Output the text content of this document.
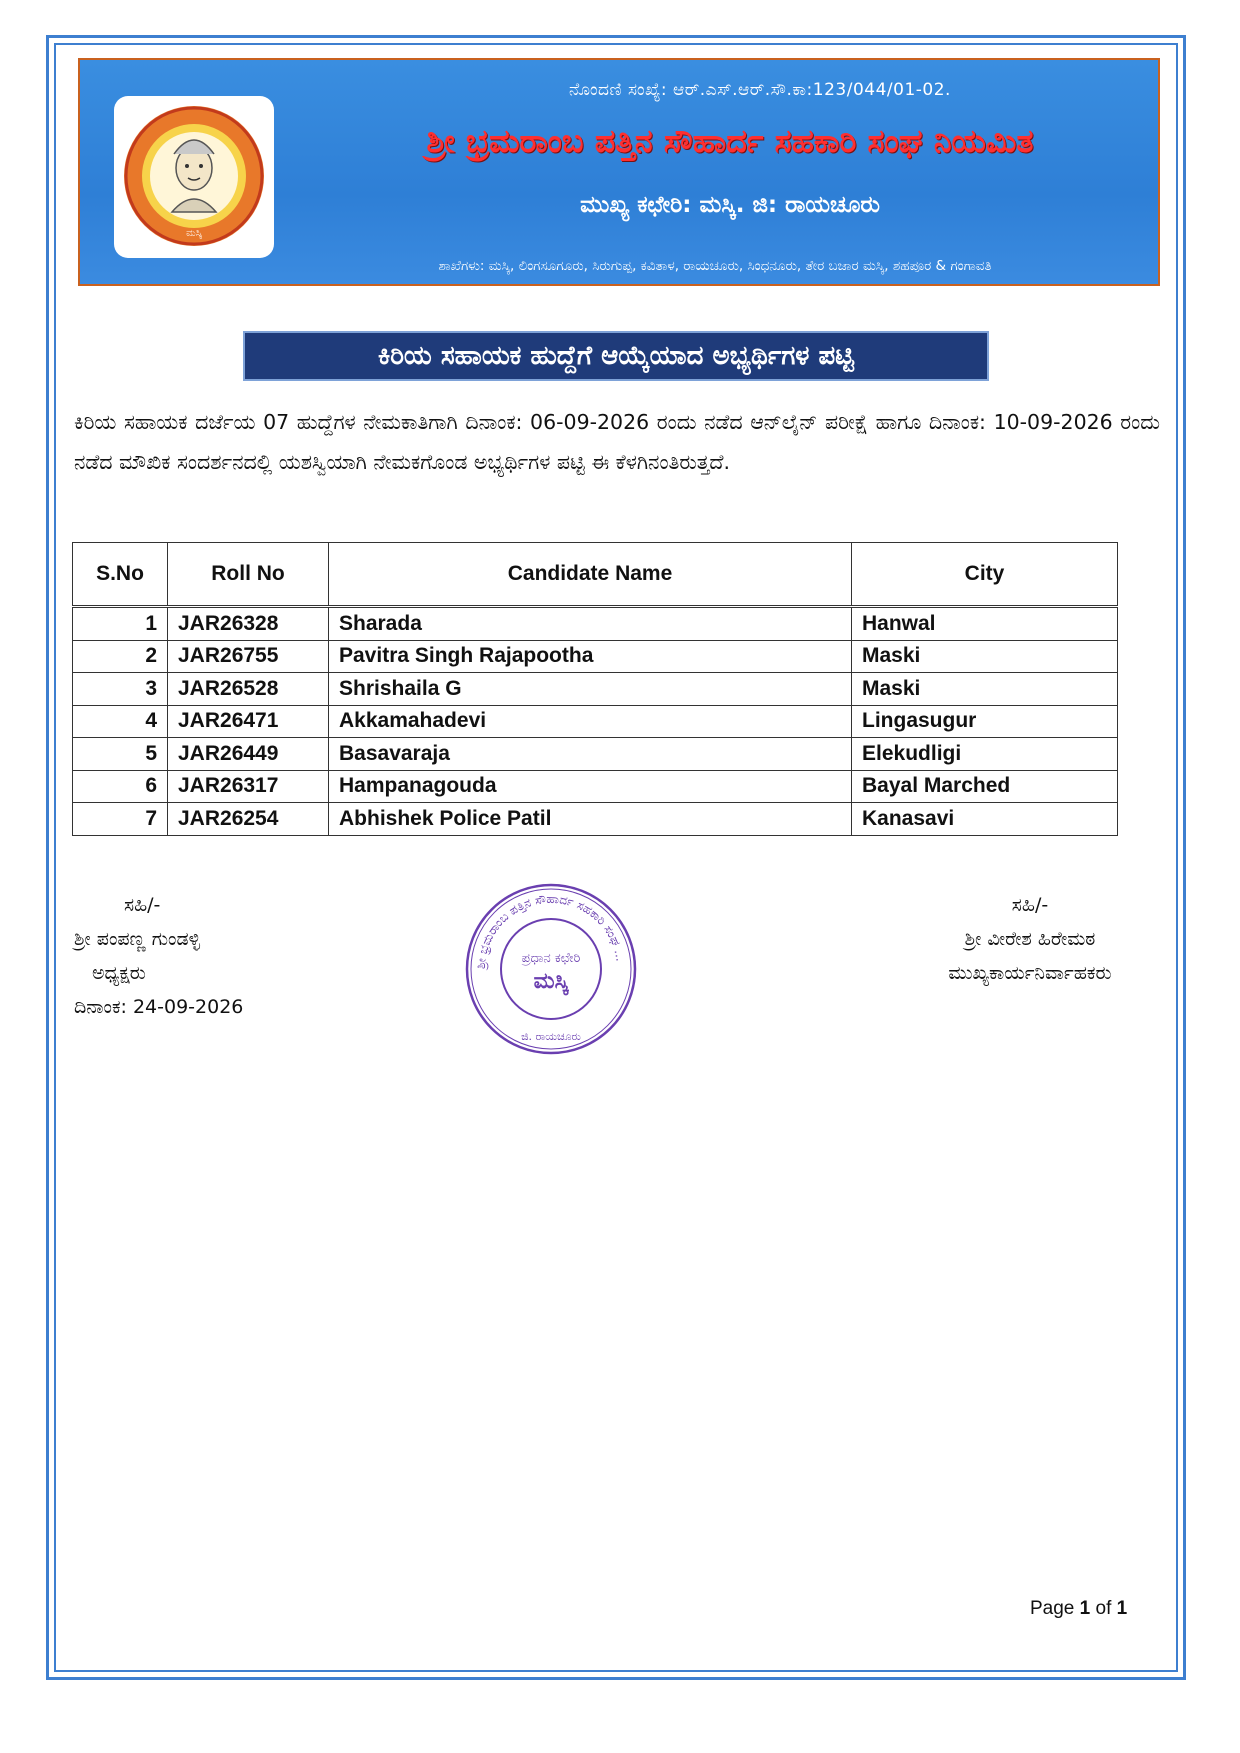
ಮಸ್ಕಿ
ನೊಂದಣಿ ಸಂಖ್ಯೆ: ಆರ್.ಎಸ್.ಆರ್.ಸೌ.ಕಾ:123/044/01-02.
ಶ್ರೀ ಭ್ರಮರಾಂಬ ಪತ್ತಿನ ಸೌಹಾರ್ದ ಸಹಕಾರಿ ಸಂಘ ನಿಯಮಿತ
ಮುಖ್ಯ ಕಛೇರಿ: ಮಸ್ಕಿ. ಜಿ: ರಾಯಚೂರು
ಶಾಖೆಗಳು: ಮಸ್ಕಿ, ಲಿಂಗಸೂಗೂರು, ಸಿರುಗುಪ್ಪ, ಕವಿತಾಳ, ರಾಯಚೂರು, ಸಿಂಧನೂರು, ತೇರ ಬಜಾರ ಮಸ್ಕಿ, ಶಹಪೂರ & ಗಂಗಾವತಿ
ಕಿರಿಯ ಸಹಾಯಕ ಹುದ್ದೆಗೆ ಆಯ್ಕೆಯಾದ ಅಭ್ಯರ್ಥಿಗಳ ಪಟ್ಟಿ
ಕಿರಿಯ ಸಹಾಯಕ ದರ್ಜೆಯ 07 ಹುದ್ದೆಗಳ ನೇಮಕಾತಿಗಾಗಿ ದಿನಾಂಕ: 06-09-2026 ರಂದು ನಡೆದ ಆನ್‌ಲೈನ್ ಪರೀಕ್ಷೆ ಹಾಗೂ ದಿನಾಂಕ: 10-09-2026 ರಂದು ನಡೆದ ಮೌಖಿಕ ಸಂದರ್ಶನದಲ್ಲಿ ಯಶಸ್ವಿಯಾಗಿ ನೇಮಕಗೊಂಡ ಅಭ್ಯರ್ಥಿಗಳ ಪಟ್ಟಿ ಈ ಕೆಳಗಿನಂತಿರುತ್ತದೆ.
S.No	Roll No	Candidate Name	City
1	JAR26328	Sharada	Hanwal
2	JAR26755	Pavitra Singh Rajapootha	Maski
3	JAR26528	Shrishaila G	Maski
4	JAR26471	Akkamahadevi	Lingasugur
5	JAR26449	Basavaraja	Elekudligi
6	JAR26317	Hampanagouda	Bayal Marched
7	JAR26254	Abhishek Police Patil	Kanasavi
ಸಹಿ/-
ಶ್ರೀ ಪಂಪಣ್ಣ ಗುಂಡಳ್ಳಿ
ಅಧ್ಯಕ್ಷರು
ದಿನಾಂಕ: 24-09-2026
ಶ್ರೀ ಭ್ರಮರಾಂಬ ಪತ್ತಿನ ಸೌಹಾರ್ದ ಸಹಕಾರಿ ಸಂಘ ...
ಪ್ರಧಾನ ಕಛೇರಿ
ಮಸ್ಕಿ
ಜಿ. ರಾಯಚೂರು
ಸಹಿ/-
ಶ್ರೀ ವೀರೇಶ ಹಿರೇಮಠ
ಮುಖ್ಯಕಾರ್ಯನಿರ್ವಾಹಕರು
Page 1 of 1
